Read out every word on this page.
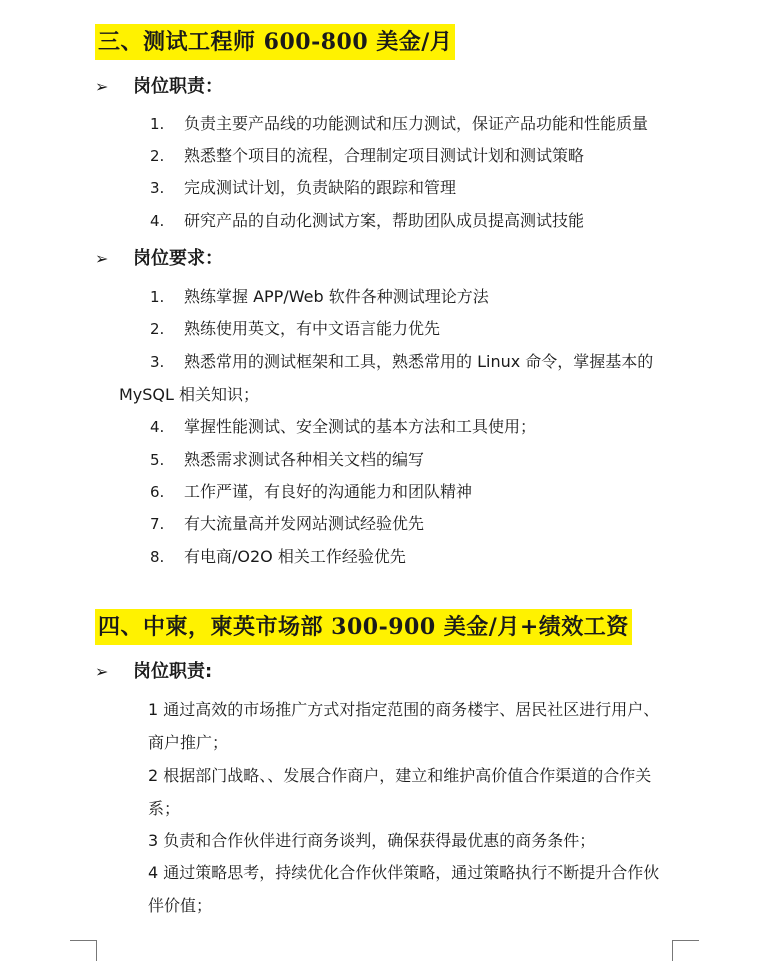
三、测试工程师 600-800 美金/月
➢ 岗位职责：
1. 负责主要产品线的功能测试和压力测试，保证产品功能和性能质量
2. 熟悉整个项目的流程，合理制定项目测试计划和测试策略
3. 完成测试计划，负责缺陷的跟踪和管理
4. 研究产品的自动化测试方案，帮助团队成员提高测试技能
➢ 岗位要求：
1. 熟练掌握 APP/Web 软件各种测试理论方法
2. 熟练使用英文，有中文语言能力优先
3. 熟悉常用的测试框架和工具，熟悉常用的 Linux 命令，掌握基本的
MySQL 相关知识；
4. 掌握性能测试、安全测试的基本方法和工具使用；
5. 熟悉需求测试各种相关文档的编写
6. 工作严谨，有良好的沟通能力和团队精神
7. 有大流量高并发网站测试经验优先
8. 有电商/O2O 相关工作经验优先
四、中柬，柬英市场部 300-900 美金/月+绩效工资
➢ 岗位职责:
1 通过高效的市场推广方式对指定范围的商务楼宇、居民社区进行用户、
商户推广；
2 根据部门战略、、发展合作商户，建立和维护高价值合作渠道的合作关
系；
3 负责和合作伙伴进行商务谈判，确保获得最优惠的商务条件；
4 通过策略思考，持续优化合作伙伴策略，通过策略执行不断提升合作伙
伴价值；
